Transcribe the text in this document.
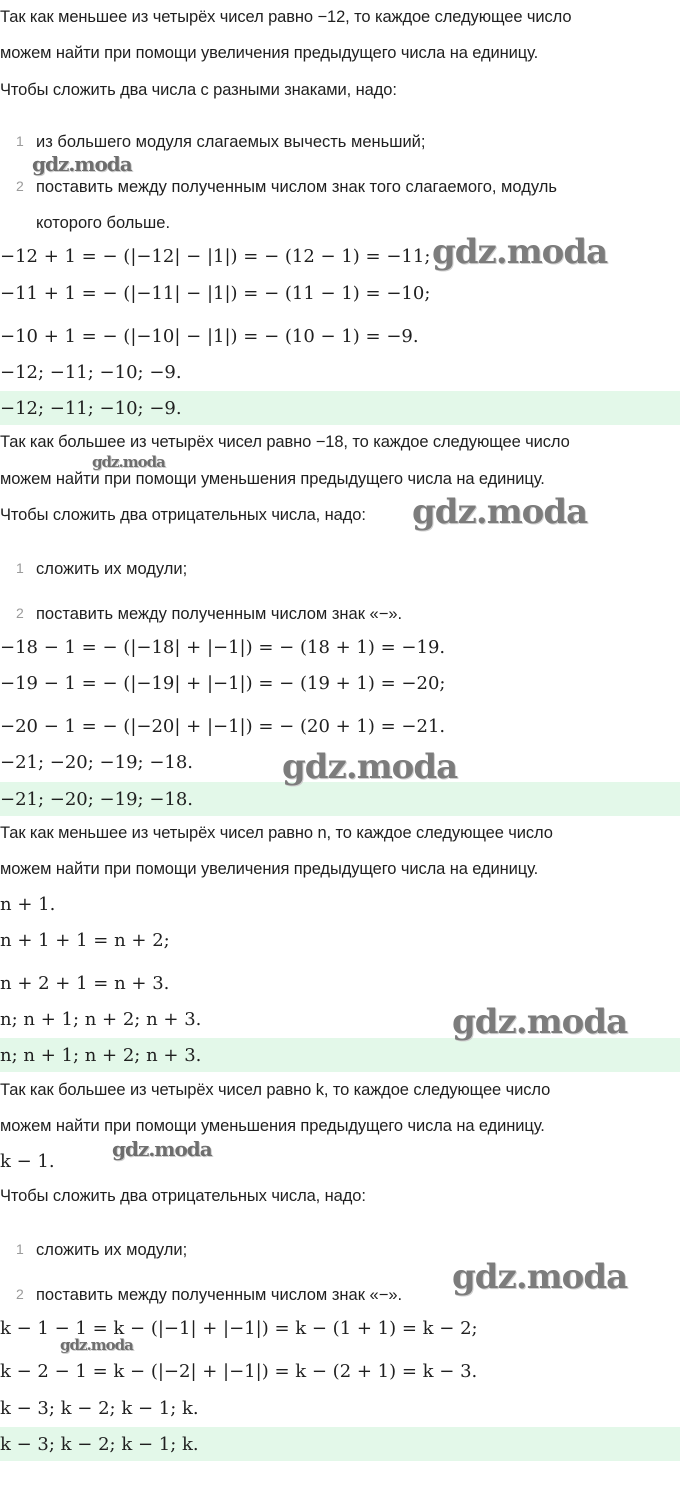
Так как меньшее из четырёх чисел равно −12, то каждое следующее число
можем найти при помощи увеличения предыдущего числа на единицу.
Чтобы сложить два числа с разными знаками, надо:
1 из большего модуля слагаемых вычесть меньший;
2 поставить между полученным числом знак того слагаемого, модуль
которого больше.
−12 + 1 = − (|−12| − |1|) = − (12 − 1) = −11;
−11 + 1 = − (|−11| − |1|) = − (11 − 1) = −10;
−10 + 1 = − (|−10| − |1|) = − (10 − 1) = −9.
−12; −11; −10; −9.
−12; −11; −10; −9.
Так как большее из четырёх чисел равно −18, то каждое следующее число
можем найти при помощи уменьшения предыдущего числа на единицу.
Чтобы сложить два отрицательных числа, надо:
1 сложить их модули;
2 поставить между полученным числом знак «−».
−18 − 1 = − (|−18| + |−1|) = − (18 + 1) = −19.
−19 − 1 = − (|−19| + |−1|) = − (19 + 1) = −20;
−20 − 1 = − (|−20| + |−1|) = − (20 + 1) = −21.
−21; −20; −19; −18.
−21; −20; −19; −18.
Так как меньшее из четырёх чисел равно n, то каждое следующее число
можем найти при помощи увеличения предыдущего числа на единицу.
n + 1.
n + 1 + 1 = n + 2;
n + 2 + 1 = n + 3.
n; n + 1; n + 2; n + 3.
n; n + 1; n + 2; n + 3.
Так как большее из четырёх чисел равно k, то каждое следующее число
можем найти при помощи уменьшения предыдущего числа на единицу.
k − 1.
Чтобы сложить два отрицательных числа, надо:
1 сложить их модули;
2 поставить между полученным числом знак «−».
k − 1 − 1 = k − (|−1| + |−1|) = k − (1 + 1) = k − 2;
k − 2 − 1 = k − (|−2| + |−1|) = k − (2 + 1) = k − 3.
k − 3; k − 2; k − 1; k.
k − 3; k − 2; k − 1; k.
gdz.moda
gdz.moda
gdz.moda
gdz.moda
gdz.moda
gdz.moda
gdz.moda
gdz.moda
gdz.moda
